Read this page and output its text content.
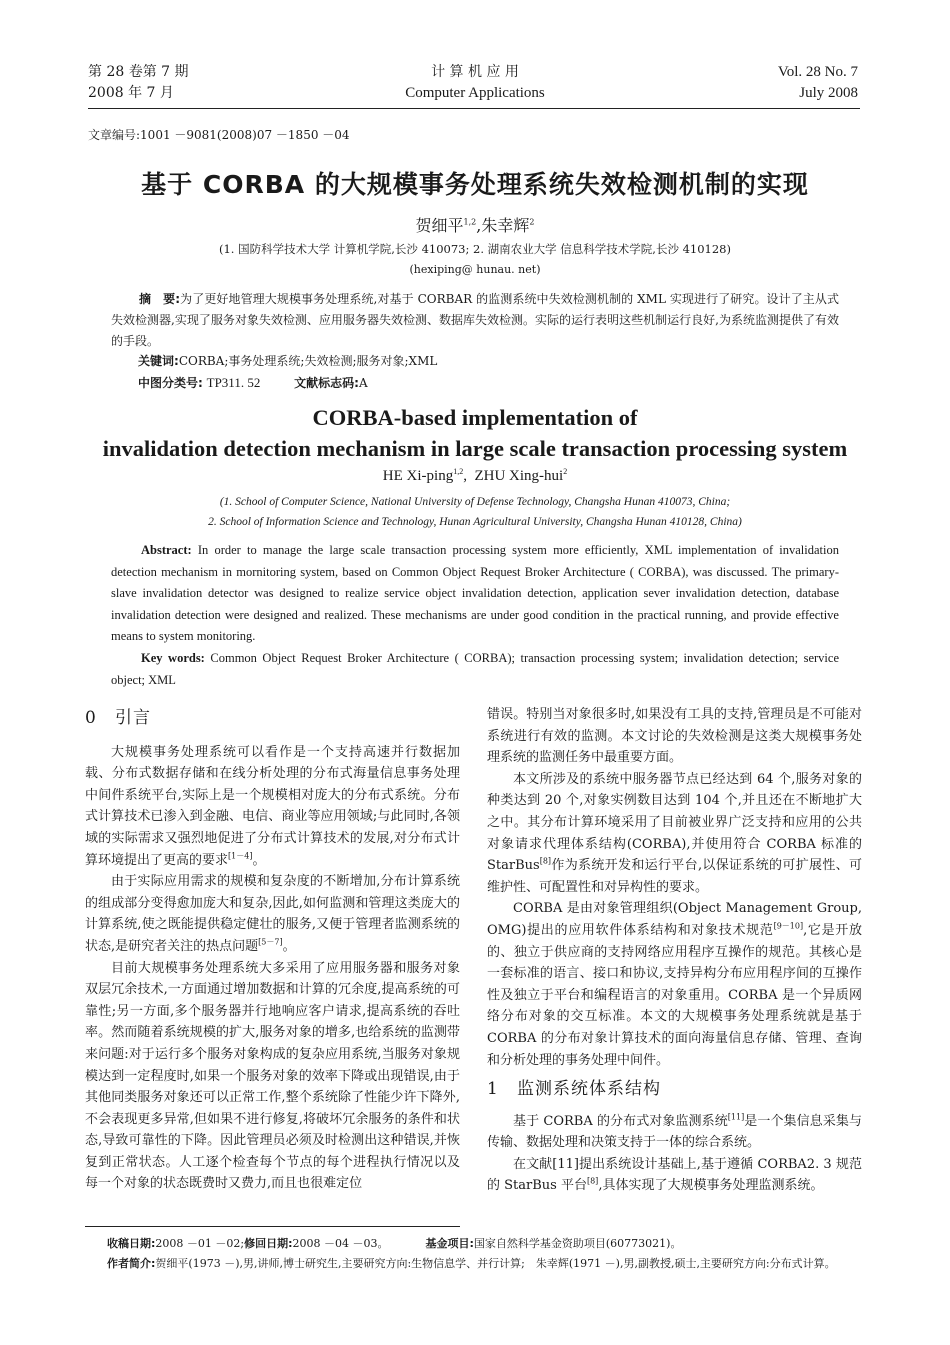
第 28 卷第 7 期
2008 年 7 月
计 算 机 应 用
Computer Applications
Vol. 28 No. 7
July 2008
文章编号:1001 －9081(2008)07 －1850 －04
基于 CORBA 的大规模事务处理系统失效检测机制的实现
贺细平$^{1,2}$,朱幸辉$^2$
(1. 国防科学技术大学 计算机学院,长沙 410073; 2. 湖南农业大学 信息科学技术学院,长沙 410128)
(hexiping@ hunau. net)
摘　要:为了更好地管理大规模事务处理系统,对基于 CORBAR 的监测系统中失效检测机制的 XML 实现进行了研究。设计了主从式失效检测器,实现了服务对象失效检测、应用服务器失效检测、数据库失效检测。实际的运行表明这些机制运行良好,为系统监测提供了有效的手段。
关键词:CORBA;事务处理系统;失效检测;服务对象;XML
中图分类号: TP311. 52	文献标志码:A
CORBA-based implementation of
invalidation detection mechanism in large scale transaction processing system
HE Xi-ping$^{1,2}$,  ZHU Xing-hui$^2$
(1. School of Computer Science, National University of Defense Technology, Changsha Hunan 410073, China;
2. School of Information Science and Technology, Hunan Agricultural University, Changsha Hunan 410128, China)
Abstract: In order to manage the large scale transaction processing system more efficiently, XML implementation of invalidation detection mechanism in mornitoring system, based on Common Object Request Broker Architecture ( CORBA), was discussed. The primary-slave invalidation detector was designed to realize service object invalidation detection, application sever invalidation detection, database invalidation detection were designed and realized. These mechanisms are under good condition in the practical running, and provide effective means to system monitoring.
Key words: Common Object Request Broker Architecture ( CORBA); transaction processing system; invalidation detection; service object; XML

0 引言

大规模事务处理系统可以看作是一个支持高速并行数据加载、分布式数据存储和在线分析处理的分布式海量信息事务处理中间件系统平台,实际上是一个规模相对庞大的分布式系统。分布式计算技术已渗入到金融、电信、商业等应用领域;与此同时,各领域的实际需求又强烈地促进了分布式计算技术的发展,对分布式计算环境提出了更高的要求[1－4]。

由于实际应用需求的规模和复杂度的不断增加,分布计算系统的组成部分变得愈加庞大和复杂,因此,如何监测和管理这类庞大的计算系统,使之既能提供稳定健壮的服务,又便于管理者监测系统的状态,是研究者关注的热点问题[5－7]。

目前大规模事务处理系统大多采用了应用服务器和服务对象双层冗余技术,一方面通过增加数据和计算的冗余度,提高系统的可靠性;另一方面,多个服务器并行地响应客户请求,提高系统的吞吐率。然而随着系统规模的扩大,服务对象的增多,也给系统的监测带来问题:对于运行多个服务对象构成的复杂应用系统,当服务对象规模达到一定程度时,如果一个服务对象的效率下降或出现错误,由于其他同类服务对象还可以正常工作,整个系统除了性能少许下降外,不会表现更多异常,但如果不进行修复,将破坏冗余服务的条件和状态,导致可靠性的下降。因此管理员必须及时检测出这种错误,并恢复到正常状态。人工逐个检查每个节点的每个进程执行情况以及每一个对象的状态既费时又费力,而且也很难定位

错误。特别当对象很多时,如果没有工具的支持,管理员是不可能对系统进行有效的监测。本文讨论的失效检测是这类大规模事务处理系统的监测任务中最重要方面。

本文所涉及的系统中服务器节点已经达到 64 个,服务对象的种类达到 20 个,对象实例数目达到 104 个,并且还在不断地扩大之中。其分布计算环境采用了目前被业界广泛支持和应用的公共对象请求代理体系结构(CORBA),并使用符合 CORBA 标准的 StarBus[8]作为系统开发和运行平台,以保证系统的可扩展性、可维护性、可配置性和对异构性的要求。

CORBA 是由对象管理组织(Object Management Group, OMG)提出的应用软件体系结构和对象技术规范[9－10],它是开放的、独立于供应商的支持网络应用程序互操作的规范。其核心是一套标准的语言、接口和协议,支持异构分布应用程序间的互操作性及独立于平台和编程语言的对象重用。CORBA 是一个异质网络分布对象的交互标准。本文的大规模事务处理系统就是基于 CORBA 的分布对象计算技术的面向海量信息存储、管理、查询和分析处理的事务处理中间件。

1 监测系统体系结构

基于 CORBA 的分布式对象监测系统[11]是一个集信息采集与传输、数据处理和决策支持于一体的综合系统。

在文献[11]提出系统设计基础上,基于遵循 CORBA2. 3 规范的 StarBus 平台[8],具体实现了大规模事务处理监测系统。

收稿日期:2008 －01 －02;修回日期:2008 －04 －03。	基金项目:国家自然科学基金资助项目(60773021)。
作者简介:贺细平(1973 －),男,讲师,博士研究生,主要研究方向:生物信息学、并行计算;　朱幸辉(1971 －),男,副教授,硕士,主要研究方向:分布式计算。
